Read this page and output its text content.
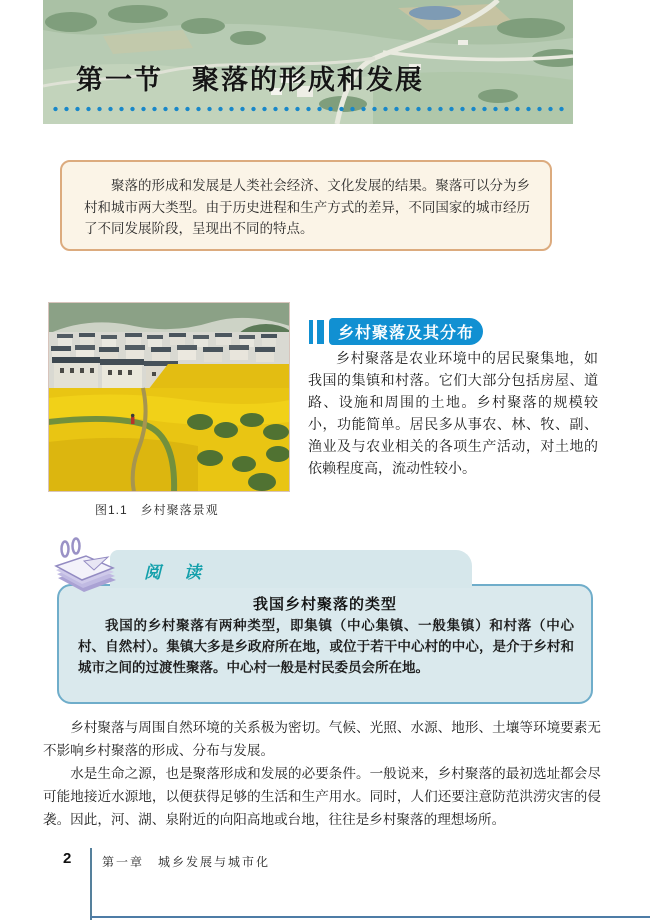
第一节　聚落的形成和发展
聚落的形成和发展是人类社会经济、文化发展的结果。聚落可以分为乡村和城市两大类型。由于历史进程和生产方式的差异，不同国家的城市经历了不同发展阶段，呈现出不同的特点。
图1.1　乡村聚落景观
乡村聚落及其分布
乡村聚落是农业环境中的居民聚集地，如我国的集镇和村落。它们大部分包括房屋、道路、设施和周围的土地。乡村聚落的规模较小，功能简单。居民多从事农、林、牧、副、渔业及与农业相关的各项生产活动，对土地的依赖程度高，流动性较小。
阅　读
我国乡村聚落的类型
我国的乡村聚落有两种类型，即集镇（中心集镇、一般集镇）和村落（中心村、自然村）。集镇大多是乡政府所在地，或位于若干中心村的中心，是介于乡村和城市之间的过渡性聚落。中心村一般是村民委员会所在地。
乡村聚落与周围自然环境的关系极为密切。气候、光照、水源、地形、土壤等环境要素无不影响乡村聚落的形成、分布与发展。
水是生命之源，也是聚落形成和发展的必要条件。一般说来，乡村聚落的最初选址都会尽可能地接近水源地，以便获得足够的生活和生产用水。同时，人们还要注意防范洪涝灾害的侵袭。因此，河、湖、泉附近的向阳高地或台地，往往是乡村聚落的理想场所。
2	第一章　城乡发展与城市化
